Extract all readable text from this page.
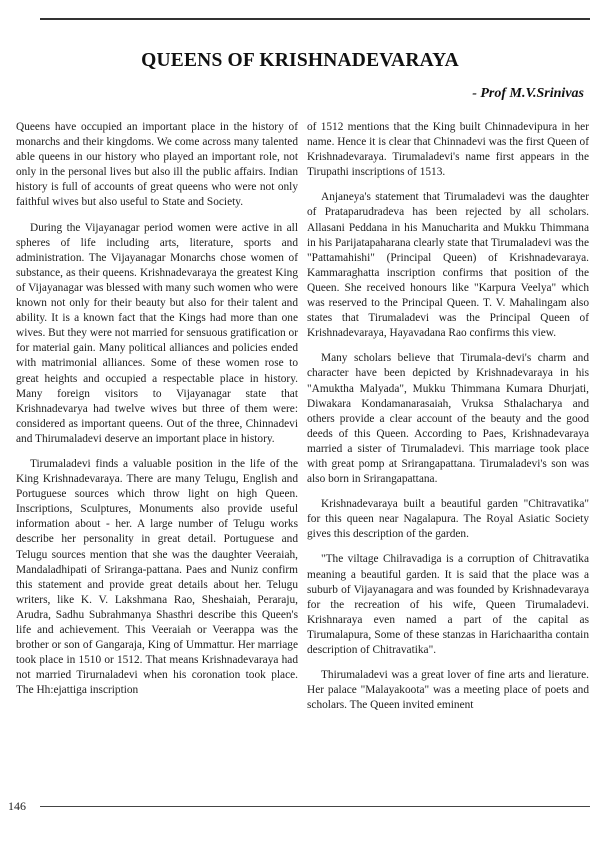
QUEENS OF KRISHNADEVARAYA
- Prof M.V.Srinivas

Queens have occupied an important place in the history of monarchs and their kingdoms. We come across many talented able queens in our history who played an important role, not only in the personal lives but also ill the public affairs. Indian history is full of accounts of great queens who were not only faithful wives but also useful to State and Society.

During the Vijayanagar period women were active in all spheres of life including arts, literature, sports and administration. The Vijayanagar Monarchs chose women of substance, as their queens. Krishnadevaraya the greatest King of Vijayanagar was blessed with many such women who were known not only for their beauty but also for their talent and ability. It is a known fact that the Kings had more than one wives. But they were not married for sensuous gratification or for material gain. Many political alliances and policies ended with matrimonial alliances. Some of these women rose to great heights and occupied a respectable place in history. Many foreign visitors to Vijayanagar state that Krishnadevarya had twelve wives but three of them were: considered as important queens. Out of the three, Chinnadevi and Thirumaladevi deserve an important place in history.

Tirumaladevi finds a valuable position in the life of the King Krishnadevaraya. There are many Telugu, English and Portuguese sources which throw light on high Queen. Inscriptions, Sculptures, Monuments also provide useful information about - her. A large number of Telugu works describe her personality in great detail. Portuguese and Telugu sources mention that she was the daughter Veeraiah, Mandaladhipati of Sriranga-pattana. Paes and Nuniz confirm this statement and provide great details about her. Telugu writers, like K. V. Lakshmana Rao, Sheshaiah, Peraraju, Arudra, Sadhu Subrahmanya Shasthri describe this Queen's life and achievement. This Veeraiah or Veerappa was the brother or son of Gangaraja, King of Ummattur. Her marriage took place in 1510 or 1512. That means Krishnadevaraya had not married Tirurnaladevi when his coronation took place. The Hh:ejattiga inscription

of 1512 mentions that the King built Chinnadevipura in her name. Hence it is clear that Chinnadevi was the first Queen of Krishnadevaraya. Tirumaladevi's name first appears in the Tirupathi inscriptions of 1513.

Anjaneya's statement that Tirumaladevi was the daughter of Prataparudradeva has been rejected by all scholars. Allasani Peddana in his Manucharita and Mukku Thimmana in his Parijatapaharana clearly state that Tirumaladevi was the "Pattamahishi" (Principal Queen) of Krishnadevaraya. Kammaraghatta inscription confirms that position of the Queen. She received honours like "Karpura Veelya" which was reserved to the Principal Queen. T. V. Mahalingam also states that Tirumaladevi was the Principal Queen of Krishnadevaraya, Hayavadana Rao confirms this view.

Many scholars believe that Tirumala-devi's charm and character have been depicted by Krishnadevaraya in his "Amuktha Malyada", Mukku Thimmana Kumara Dhurjati, Diwakara Kondamanarasaiah, Vruksa Sthalacharya and others provide a clear account of the beauty and the good deeds of this Queen. According to Paes, Krishnadevaraya married a sister of Tirumaladevi. This marriage took place with great pomp at Srirangapattana. Tirumaladevi's son was also born in Srirangapattana.

Krishnadevaraya built a beautiful garden "Chitravatika" for this queen near Nagalapura. The Royal Asiatic Society gives this description of the garden.

"The viltage Chilravadiga is a corruption of Chitravatika meaning a beautiful garden. It is said that the place was a suburb of Vijayanagara and was founded by Krishnadevaraya for the recreation of his wife, Queen Tirumaladevi. Krishnaraya even named a part of the capital as Tirumalapura, Some of these stanzas in Harichaaritha contain description of Chitravatika".

Thirumaladevi was a great lover of fine arts and lierature. Her palace "Malayakoota" was a meeting place of poets and scholars. The Queen invited eminent

146
